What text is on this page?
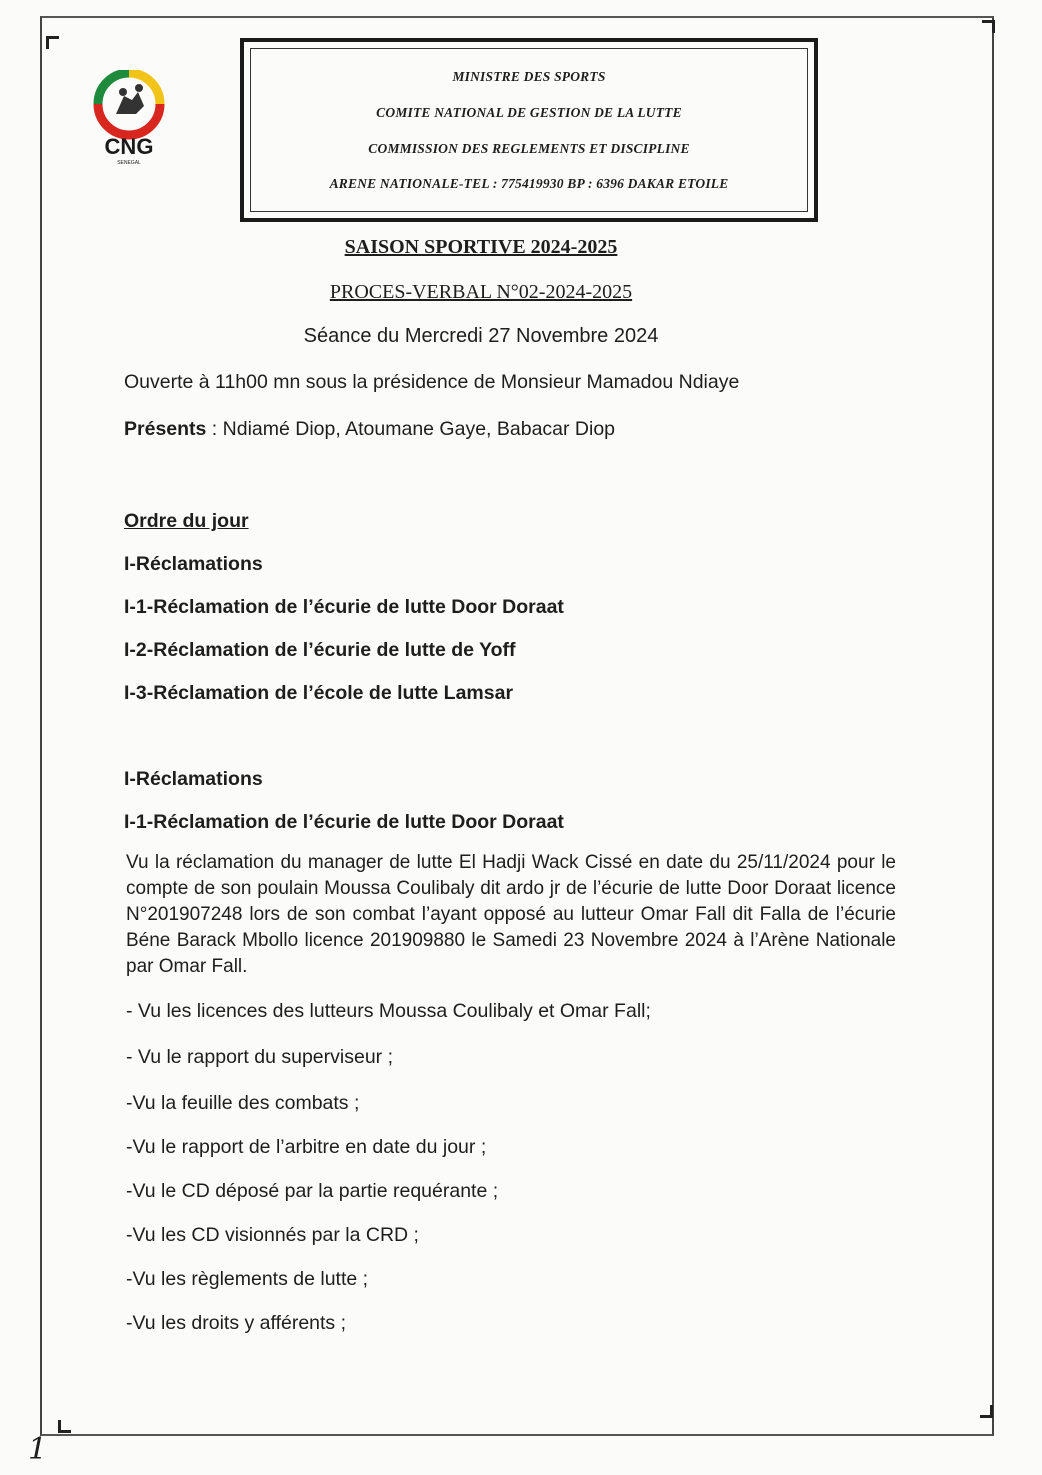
CNG
SENEGAL
MINISTRE DES SPORTS
COMITE NATIONAL DE GESTION DE LA LUTTE
COMMISSION DES REGLEMENTS ET DISCIPLINE
ARENE NATIONALE-TEL : 775419930 BP : 6396 DAKAR ETOILE
SAISON SPORTIVE 2024-2025
PROCES-VERBAL N°02-2024-2025
Séance du Mercredi 27 Novembre 2024
Ouverte à 11h00 mn sous la présidence de Monsieur Mamadou Ndiaye
Présents : Ndiamé Diop, Atoumane Gaye, Babacar Diop
Ordre du jour
I-Réclamations
I-1-Réclamation de l’écurie de lutte Door Doraat
I-2-Réclamation de l’écurie de lutte de Yoff
I-3-Réclamation de l’école de lutte Lamsar
I-Réclamations
I-1-Réclamation de l’écurie de lutte Door Doraat
Vu la réclamation du manager de lutte El Hadji Wack Cissé en date du 25/11/2024 pour le compte de son poulain Moussa Coulibaly dit ardo jr de l’écurie de lutte Door Doraat licence N°201907248 lors de son combat l’ayant opposé au lutteur Omar Fall dit Falla de l’écurie Béne Barack Mbollo licence 201909880 le Samedi 23 Novembre 2024 à l’Arène Nationale par Omar Fall.
- Vu les licences des lutteurs Moussa Coulibaly et Omar Fall;
- Vu le rapport du superviseur ;
-Vu la feuille des combats ;
-Vu le rapport de l’arbitre en date du jour ;
-Vu le CD déposé par la partie requérante ;
-Vu les CD visionnés par la CRD ;
-Vu les règlements de lutte ;
-Vu les droits y afférents ;
1
